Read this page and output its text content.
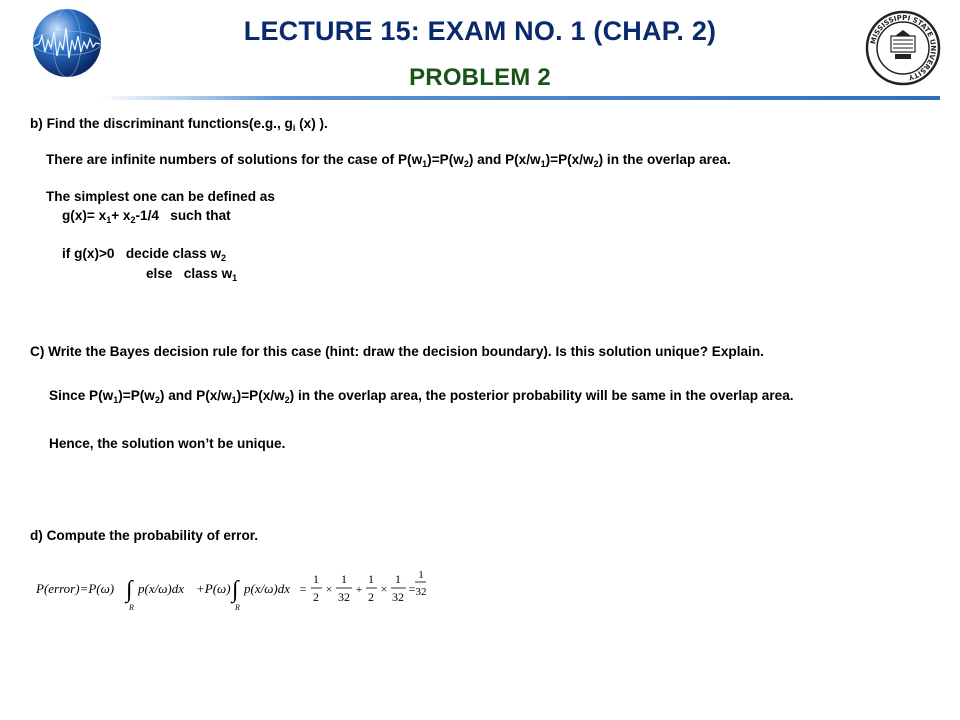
MISSISSIPPI STATE UNIVERSITY
LECTURE 15: EXAM NO. 1 (CHAP. 2)
PROBLEM 2
b) Find the discriminant functions(e.g., $g_i$ (x) ).
There are infinite numbers of solutions for the case of $P(w_1)=P(w_2)$ and $P(x/w_1)=P(x/w_2)$ in the overlap area.
The simplest one can be defined as
$g(x)= x_1+ x_2-1/4$   such that
if g(x)>0   decide class $w_2$
else   class $w_1$
C) Write the Bayes decision rule for this case (hint: draw the decision boundary). Is this solution unique? Explain.
Since $P(w_1)=P(w_2)$ and $P(x/w_1)=P(x/w_2)$ in the overlap area, the posterior probability will be same in the overlap area.
Hence, the solution won’t be unique.
d) Compute the probability of error.
P(error)=P(ω) ∫
R
p(x/ω)dx +P(ω) ∫
R
p(x/ω)dx =
1
2
×
1
32
+
1
2
×
1
32
=
1
32
